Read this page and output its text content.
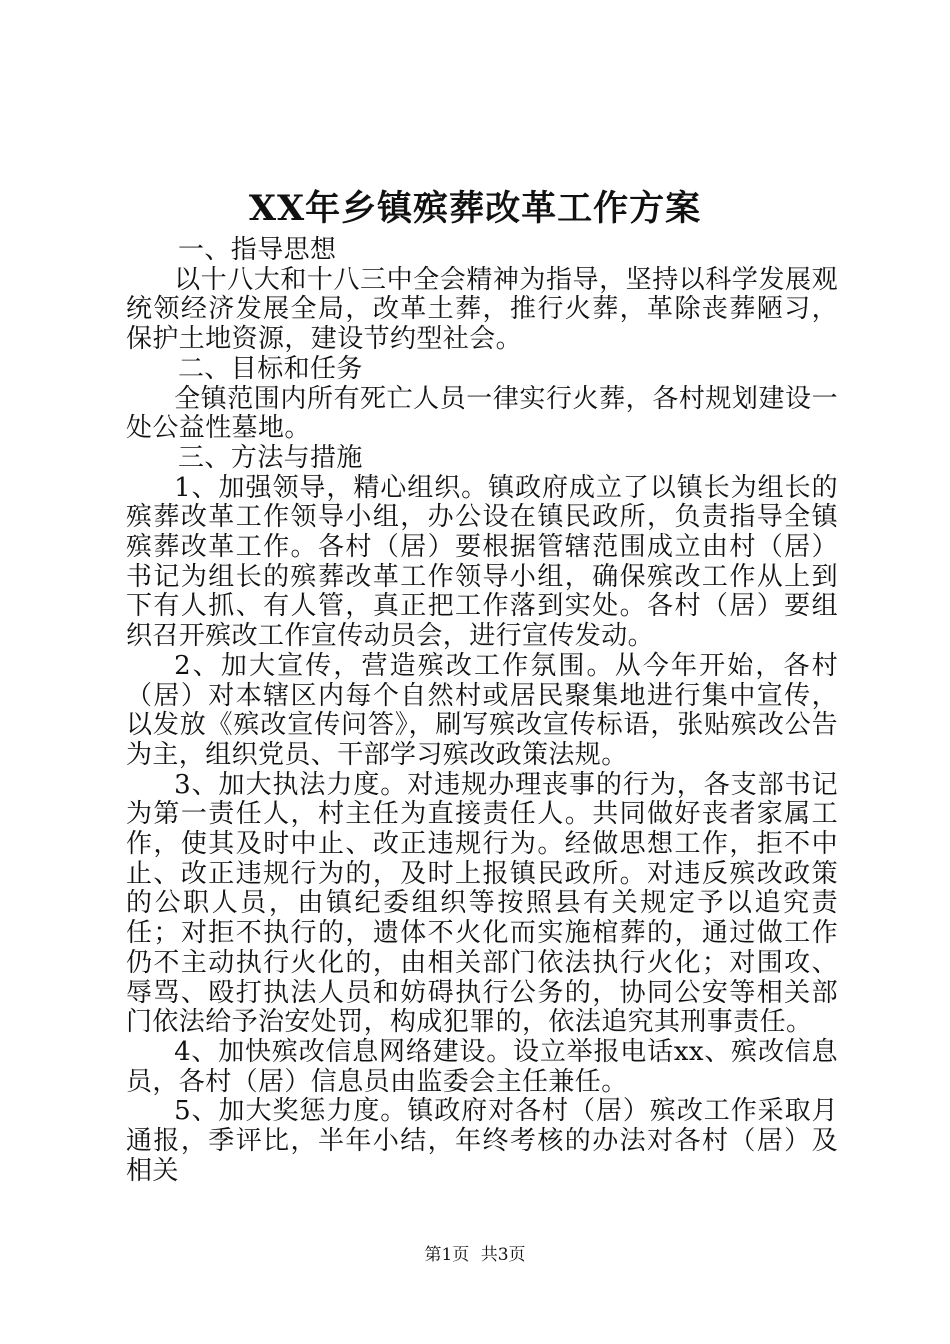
XX年乡镇殡葬改革工作方案

一、指导思想

以十八大和十八三中全会精神为指导，坚持以科学发展观统领经济发展全局，改革土葬，推行火葬，革除丧葬陋习，保护土地资源，建设节约型社会。

二、目标和任务

全镇范围内所有死亡人员一律实行火葬，各村规划建设一处公益性墓地。

三、方法与措施

1、加强领导，精心组织。镇政府成立了以镇长为组长的殡葬改革工作领导小组，办公设在镇民政所，负责指导全镇殡葬改革工作。各村（居）要根据管辖范围成立由村（居）书记为组长的殡葬改革工作领导小组，确保殡改工作从上到下有人抓、有人管，真正把工作落到实处。各村（居）要组织召开殡改工作宣传动员会，进行宣传发动。

2、加大宣传，营造殡改工作氛围。从今年开始，各村（居）对本辖区内每个自然村或居民聚集地进行集中宣传，以发放《殡改宣传问答》，刷写殡改宣传标语，张贴殡改公告为主，组织党员、干部学习殡改政策法规。

3、加大执法力度。对违规办理丧事的行为，各支部书记为第一责任人，村主任为直接责任人。共同做好丧者家属工作，使其及时中止、改正违规行为。经做思想工作，拒不中止、改正违规行为的，及时上报镇民政所。对违反殡改政策的公职人员，由镇纪委组织等按照县有关规定予以追究责任；对拒不执行的，遗体不火化而实施棺葬的，通过做工作仍不主动执行火化的，由相关部门依法执行火化；对围攻、辱骂、殴打执法人员和妨碍执行公务的，协同公安等相关部门依法给予治安处罚，构成犯罪的，依法追究其刑事责任。

4、加快殡改信息网络建设。设立举报电话xx、殡改信息员，各村（居）信息员由监委会主任兼任。

5、加大奖惩力度。镇政府对各村（居）殡改工作采取月通报，季评比，半年小结，年终考核的办法对各村（居）及相关

第1页 共3页
